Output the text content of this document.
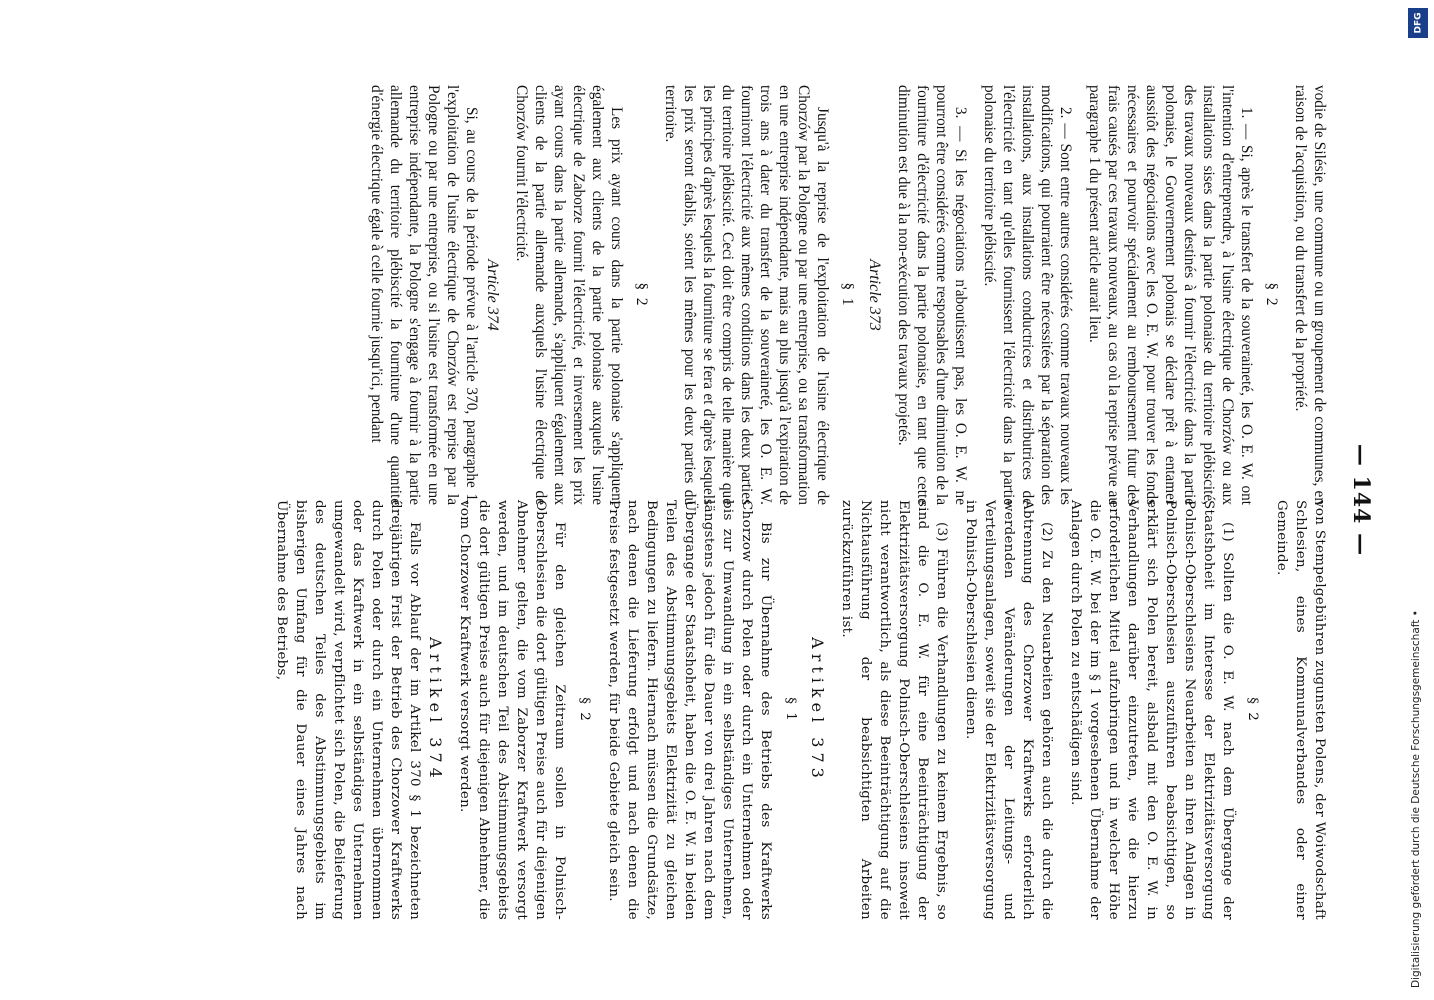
— 144 —

vodie de Silésie, une commune ou un groupement de communes, en raison de l'acquisition, ou du transfert de la propriété.

§ 2

1. — Si, après le transfert de la souveraineté, les O. E. W. ont l'intention d'entreprendre, à l'usine électrique de Chorzów ou aux installations sises dans la partie polonaise du territoire plébiscité, des travaux nouveaux destinés à fournir l'électricité dans la partie polonaise, le Gouvernement polonais se déclare prêt à entamer aussitôt des négociations avec les O. E. W. pour trouver les fonds nécessaires et pourvoir spécialement au remboursement futur des frais causés par ces travaux nouveaux, au cas où la reprise prévue au paragraphe 1 du présent article aurait lieu.

2. — Sont entre autres considérés comme travaux nouveaux les modifications, qui pourraient être nécessitées par la séparation des installations, aux installations conductrices et distributrices de l'électricité en tant qu'elles fournissent l'électricité dans la partie polonaise du territoire plébiscité.

3. — Si les négociations n'aboutissent pas, les O. E. W. ne pourront être considérés comme responsables d'une diminution de la fourniture d'électricité dans la partie polonaise, en tant que cette diminution est due à la non-exécution des travaux projetés.

Article 373

§ 1

Jusqu'à la reprise de l'exploitation de l'usine électrique de Chorzów par la Pologne ou par une entreprise, ou sa transformation en une entreprise indépendante, mais au plus jusqu'à l'expiration de trois ans à dater du transfert de la souveraineté, les O. E. W. fourniront l'électricité aux mêmes conditions dans les deux parties du territoire plébiscité. Ceci doit être compris de telle manière que les principes d'après lesquels la fourniture se fera et d'après lesquels les prix seront établis, soient les mêmes pour les deux parties du territoire.

§ 2

Les prix ayant cours dans la partie polonaise s'appliquent également aux clients de la partie polonaise auxquels l'usine électrique de Zaborze fournit l'électricité, et inversement les prix ayant cours dans la partie allemande, s'appliquent également aux clients de la partie allemande auxquels l'usine électrique de Chorzów fournit l'électricité.

Article 374

Si, au cours de la période prévue à l'article 370, paragraphe 1, l'exploitation de l'usine électrique de Chorzów est reprise par la Pologne ou par une entreprise, ou si l'usine est transformée en une entreprise indépendante, la Pologne s'engage à fournir à la partie allemande du territoire plébiscité la fourniture d'une quantité d'énergie électrique égale à celle fournie jusqu'ici, pendant

von Stempelgebühren zugunsten Polens, der Woiwodschaft Schlesien, eines Kommunalverbandes oder einer Gemeinde.

§ 2

(1) Sollten die O. E. W. nach dem Übergange der Staatshoheit im Interesse der Elektrizitätsversorgung Polnisch-Oberschlesiens Neuarbeiten an ihren Anlagen in Polnisch-Oberschlesien auszuführen beabsichtigen, so erklärt sich Polen bereit, alsbald mit den O. E. W. in Verhandlungen darüber einzutreten, wie die hierzu erforderlichen Mittel aufzubringen und in welcher Höhe die O. E. W. bei der im § 1 vorgesehenen Übernahme der Anlagen durch Polen zu entschädigen sind.

(2) Zu den Neuarbeiten gehören auch die durch die Abtrennung des Chorzower Kraftwerks erforderlich werdenden Veränderungen der Leitungs- und Verteilungsanlagen, soweit sie der Elektrizitätsversorgung in Polnisch-Oberschlesien dienen.

(3) Führen die Verhandlungen zu keinem Ergebnis, so sind die O. E. W. für eine Beeinträchtigung der Elektrizitätsversorgung Polnisch-Oberschlesiens insoweit nicht verantwortlich, als diese Beeinträchtigung auf die Nichtausführung der beabsichtigten Arbeiten zurückzuführen ist.

Artikel 373

§ 1

Bis zur Übernahme des Betriebs des Kraftwerks Chorzow durch Polen oder durch ein Unternehmen oder bis zur Umwandlung in ein selbständiges Unternehmen, längstens jedoch für die Dauer von drei Jahren nach dem Übergange der Staatshoheit, haben die O. E. W. in beiden Teilen des Abstimmungsgebiets Elektrizität zu gleichen Bedingungen zu liefern. Hiernach müssen die Grundsätze, nach denen die Lieferung erfolgt und nach denen die Preise festgesetzt werden, für beide Gebiete gleich sein.

§ 2

Für den gleichen Zeitraum sollen in Polnisch-Oberschlesien die dort gültigen Preise auch für diejenigen Abnehmer gelten, die vom Zaborzer Kraftwerk versorgt werden, und im deutschen Teil des Abstimmungsgebiets die dort gültigen Preise auch für diejenigen Abnehmer, die vom Chorzower Kraftwerk versorgt werden.

Artikel 374

Falls vor Ablauf der im Artikel 370 § 1 bezeichneten dreijährigen Frist der Betrieb des Chorzower Kraftwerks durch Polen oder durch ein Unternehmen übernommen oder das Kraftwerk in ein selbständiges Unternehmen umgewandelt wird, verpflichtet sich Polen, die Belieferung des deutschen Teiles des Abstimmungsgebiets im bisherigen Umfang für die Dauer eines Jahres nach Übernahme des Betriebs,

DFG
Digitalisierung gefördert durch die Deutsche Forschungsgemeinschaft •
